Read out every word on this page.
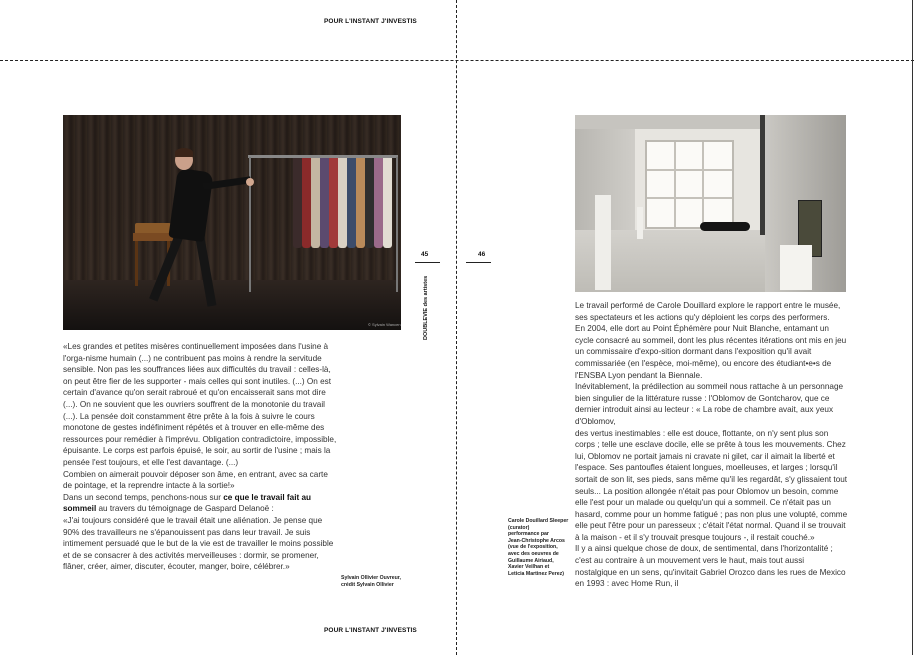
POUR L'INSTANT J'INVESTIS
POUR L'INSTANT J'INVESTIS
45	46
DOUBLEVIE des artistes
© Sylvain Wancen

Sylvain Ollivier Ouvreur,

crédit Sylvain Ollivier

«Les grandes et petites misères continuellement imposées dans l'usine à l'orga-nisme humain (...) ne contribuent pas moins à rendre la servitude sensible. Non pas les souffrances liées aux difficultés du travail : celles-là, on peut être fier de les supporter - mais celles qui sont inutiles. (...) On est certain d'avance qu'on serait rabroué et qu'on encaisserait sans mot dire (...). On ne souvient que les ouvriers souffrent de la monotonie du travail (...). La pensée doit constamment être prête à la fois à suivre le cours monotone de gestes indéfiniment répétés et à trouver en elle-même des ressources pour remédier à l'imprévu. Obligation contradictoire, impossible, épuisante. Le corps est parfois épuisé, le soir, au sortir de l'usine ; mais la pensée l'est toujours, et elle l'est davantage. (...)

Combien on aimerait pouvoir déposer son âme, en entrant, avec sa carte de pointage, et la reprendre intacte à la sortie!»

Dans un second temps, penchons-nous sur ce que le travail fait au sommeil au travers du témoignage de Gaspard Delanoë :

«J'ai toujours considéré que le travail était une aliénation. Je pense que 90% des travailleurs ne s'épanouissent pas dans leur travail. Je suis intimement persuadé que le but de la vie est de travailler le moins possible et de se consacrer à des activités merveilleuses : dormir, se promener, flâner, créer, aimer, discuter, écouter, manger, boire, célébrer.»

Carole Douillard Sleeper

(curator)

performance par

Jean-Christophe Arcos

(vue de l'exposition,

avec des oeuvres de

Guillaume Airiaud,

Xavier Veilhan et

Leticia Martinez Perez)

Le travail performé de Carole Douillard explore le rapport entre le musée, ses spectateurs et les actions qu'y déploient les corps des performers.

En 2004, elle dort au Point Éphémère pour Nuit Blanche, entamant un cycle consacré au sommeil, dont les plus récentes itérations ont mis en jeu un commissaire d'expo-sition dormant dans l'exposition qu'il avait commissariée (en l'espèce, moi-même), ou encore des étudiant•e•s de l'ENSBA Lyon pendant la Biennale.

Inévitablement, la prédilection au sommeil nous rattache à un personnage bien singulier de la littérature russe : l'Oblomov de Gontcharov, que ce dernier introduit ainsi au lecteur : « La robe de chambre avait, aux yeux d'Oblomov,

des vertus inestimables : elle est douce, flottante, on n'y sent plus son corps ; telle une esclave docile, elle se prête à tous les mouvements. Chez lui, Oblomov ne portait jamais ni cravate ni gilet, car il aimait la liberté et l'espace. Ses pantoufles étaient longues, moelleuses, et larges ; lorsqu'il sortait de son lit, ses pieds, sans même qu'il les regardât, s'y glissaient tout seuls... La position allongée n'était pas pour Oblomov un besoin, comme elle l'est pour un malade ou quelqu'un qui a sommeil. Ce n'était pas un hasard, comme pour un homme fatigué ; pas non plus une volupté, comme elle peut l'être pour un paresseux ; c'était l'état normal. Quand il se trouvait à la maison - et il s'y trouvait presque toujours -, il restait couché.»

Il y a ainsi quelque chose de doux, de sentimental, dans l'horizontalité ; c'est au contraire à un mouvement vers le haut, mais tout aussi nostalgique en un sens, qu'invitait Gabriel Orozco dans les rues de Mexico en 1993 : avec Home Run, il
